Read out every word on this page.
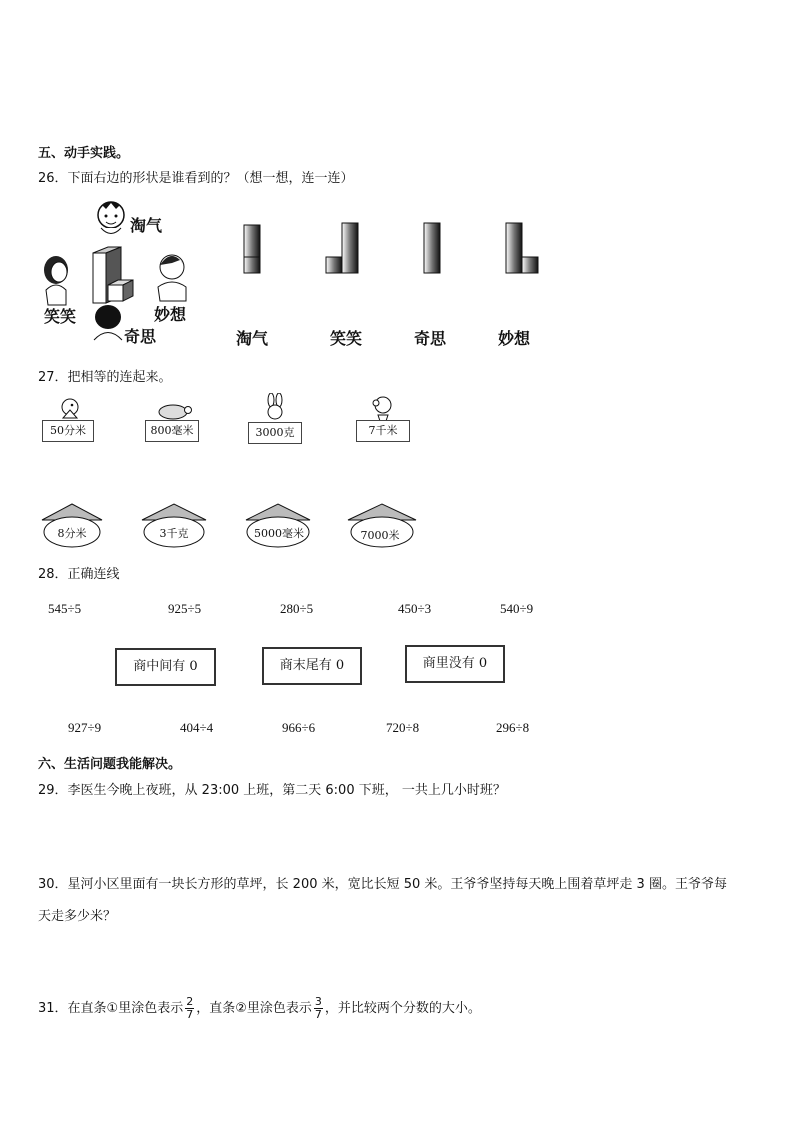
五、动手实践。
26．下面右边的形状是谁看到的？（想一想，连一连）
淘气
笑笑
奇思
妙想
淘气	笑笑	奇思	妙想
27．把相等的连起来。
50分米	800毫米	3000克	7千米
8分米	3千克	5000毫米	7000米
28．正确连线
545÷5	925÷5	280÷5	450÷3	540÷9
商中间有 0	商末尾有 0	商里没有 0
927÷9	404÷4	966÷6	720÷8	296÷8
六、生活问题我能解决。
29．李医生今晚上夜班，从 23:00 上班，第二天 6:00 下班， 一共上几小时班？
30．星河小区里面有一块长方形的草坪，长 200 米，宽比长短 50 米。王爷爷坚持每天晚上围着草坪走 3 圈。王爷爷每
天走多少米？
31．在直条①里涂色表示 $\frac{2}{7}$ ，直条②里涂色表示 $\frac{3}{7}$ ，并比较两个分数的大小。
